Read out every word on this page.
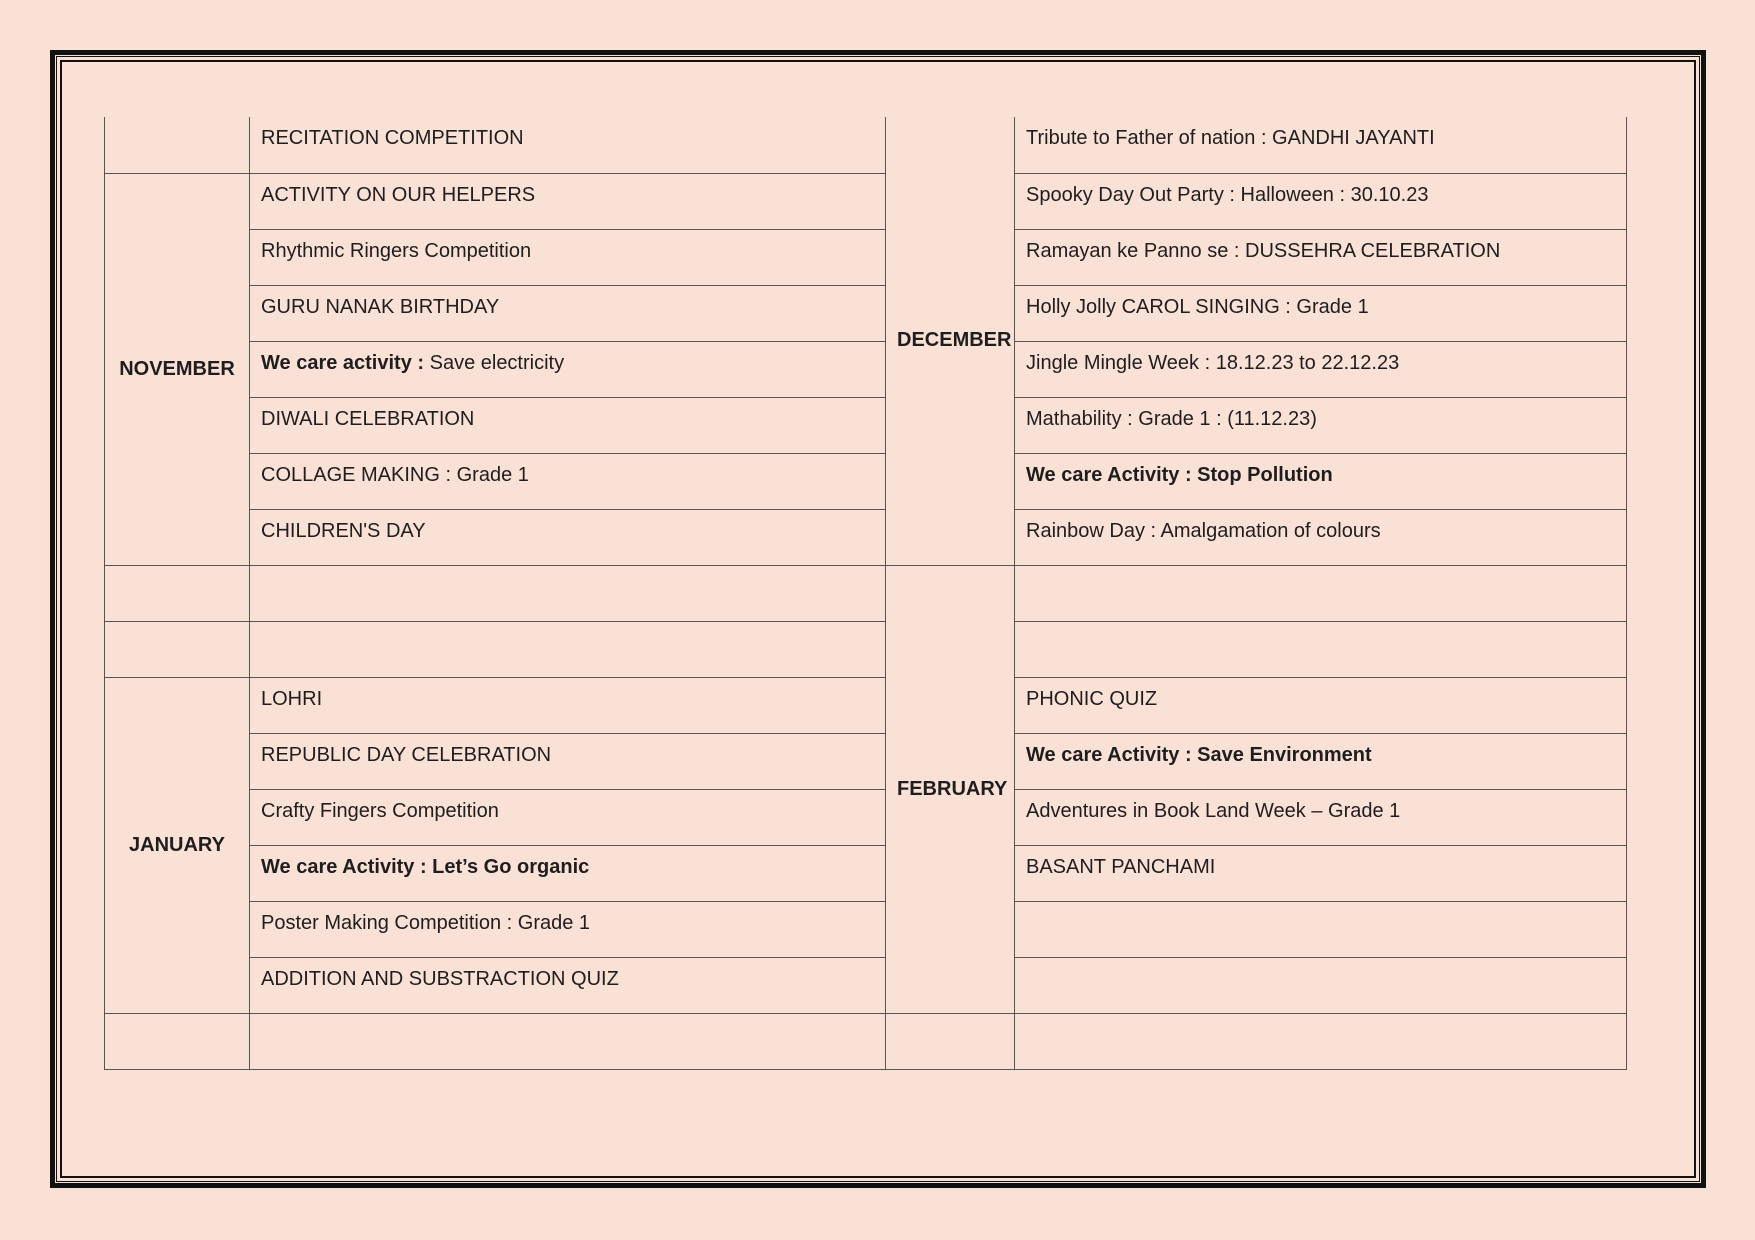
	RECITATION COMPETITION	DECEMBER	Tribute to Father of nation : GANDHI JAYANTI
NOVEMBER	ACTIVITY ON OUR HELPERS		Spooky Day Out Party : Halloween : 30.10.23
	Rhythmic Ringers Competition		Ramayan ke Panno se : DUSSEHRA CELEBRATION
	GURU NANAK BIRTHDAY		Holly Jolly CAROL SINGING : Grade 1
	We care activity : Save electricity		Jingle Mingle Week : 18.12.23 to 22.12.23
	DIWALI CELEBRATION		Mathability : Grade 1 : (11.12.23)
	COLLAGE MAKING : Grade 1		We care Activity : Stop Pollution
	CHILDREN'S DAY		Rainbow Day : Amalgamation of colours
		FEBRUARY	

JANUARY	LOHRI		PHONIC QUIZ
	REPUBLIC DAY CELEBRATION		We care Activity : Save Environment
	Crafty Fingers Competition		Adventures in Book Land Week – Grade 1
	We care Activity : Let’s Go organic		BASANT PANCHAMI
	Poster Making Competition : Grade 1		
	ADDITION AND SUBSTRACTION QUIZ		
